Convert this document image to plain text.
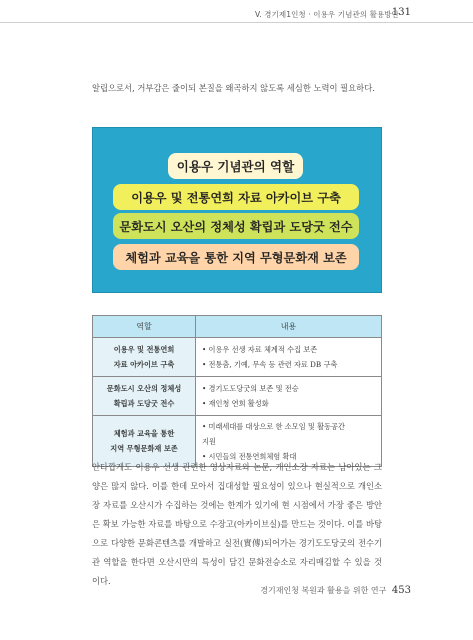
V. 경기제1인청 · 이용우 기념관의 활용방안
131
알립으로서, 거부감은 줄이되 본질을 왜곡하지 않도록 세심한 노력이 필요하다.
이용우 기념관의 역할
이용우 및 전통연희 자료 아카이브 구축
문화도시 오산의 정체성 확립과 도당굿 전수
체험과 교육을 통한 지역 무형문화재 보존
역할	내용

이용우 및 전통연희
자료 아카이브 구축	• 이용우 선생 자료 체계적 수집 보존
• 전통춤, 기예, 무속 등 관련 자료 DB 구축

문화도시 오산의 정체성
확립과 도당굿 전수	• 경기도도당굿의 보존 및 전승
• 재인청 연희 활성화

체험과 교육을 통한
지역 무형문화재 보존	• 미래세대를 대상으로 한 소모임 및 활동공간
지원
• 시민들의 전통연희체험 확대
안타깝게도 이용우 선생 관련한 영상자료와 논문, 개인소장 자료는 남아있는 그 양은 많지 않다. 이를 한데 모아서 집대성할 필요성이 있으나 현실적으로 개인소장 자료를 오산시가 수집하는 것에는 한계가 있기에 현 시점에서 가장 좋은 방안은 확보 가능한 자료를 바탕으로 수장고(아카이브실)를 만드는 것이다. 이를 바탕으로 다양한 문화콘텐츠를 개발하고 실전(實傳)되어가는 경기도도당굿의 전수기관 역할을 한다면 오산시만의 특성이 담긴 문화전승소로 자리매김할 수 있을 것이다.
경기재인청 복원과 활용을 위한 연구 453
